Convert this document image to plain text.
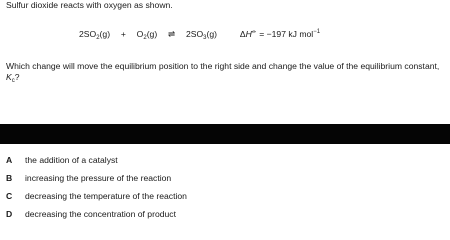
Sulfur dioxide reacts with oxygen as shown.
$2SO_2(g) + O_2(g)$ ⇌ $2SO_3(g)$	ΔH⦵ = −197 kJ mol$^{-1}$
Which change will move the equilibrium position to the right side and change the value of the equilibrium constant, $K_c$?
A the addition of a catalyst
B increasing the pressure of the reaction
C decreasing the temperature of the reaction
D decreasing the concentration of product
